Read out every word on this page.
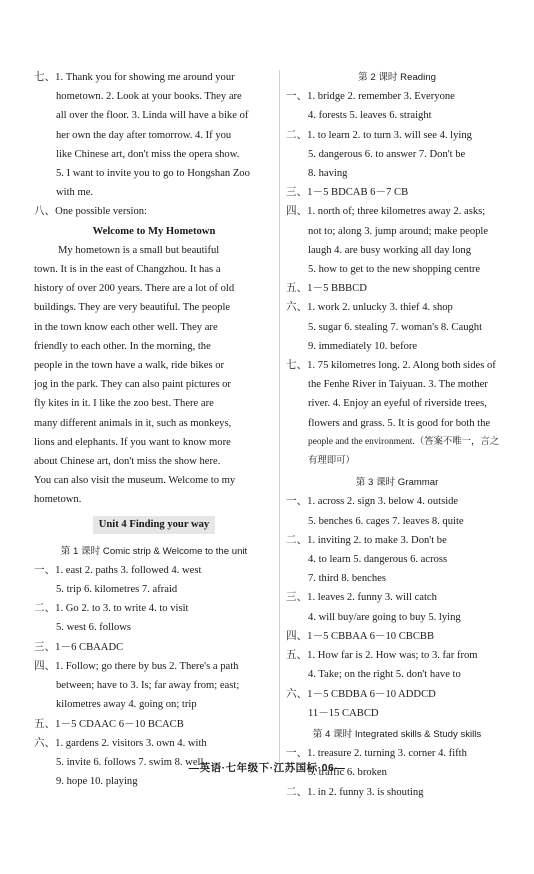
七、1. Thank you for showing me around your
hometown. 2. Look at your books. They are
all over the floor. 3. Linda will have a bike of
her own the day after tomorrow. 4. If you
like Chinese art, don't miss the opera show.
5. I want to invite you to go to Hongshan Zoo
with me.
八、One possible version:
Welcome to My Hometown
My hometown is a small but beautiful
town. It is in the east of Changzhou. It has a
history of over 200 years. There are a lot of old
buildings. They are very beautiful. The people
in the town know each other well. They are
friendly to each other. In the morning, the
people in the town have a walk, ride bikes or
jog in the park. They can also paint pictures or
fly kites in it. I like the zoo best. There are
many different animals in it, such as monkeys,
lions and elephants. If you want to know more
about Chinese art, don't miss the show here.
You can also visit the museum. Welcome to my
hometown.
Unit 4 Finding your way
第 1 课时 Comic strip & Welcome to the unit
一、1. east 2. paths 3. followed 4. west
5. trip 6. kilometres 7. afraid
二、1. Go 2. to 3. to write 4. to visit
5. west 6. follows
三、1－6 CBAADC
四、1. Follow; go there by bus 2. There's a path
between; have to 3. Is; far away from; east;
kilometres away 4. going on; trip
五、1－5 CDAAC 6－10 BCACB
六、1. gardens 2. visitors 3. own 4. with
5. invite 6. follows 7. swim 8. well
9. hope 10. playing
第 2 课时 Reading
一、1. bridge 2. remember 3. Everyone
4. forests 5. leaves 6. straight
二、1. to learn 2. to turn 3. will see 4. lying
5. dangerous 6. to answer 7. Don't be
8. having
三、1－5 BDCAB 6－7 CB
四、1. north of; three kilometres away 2. asks;
not to; along 3. jump around; make people
laugh 4. are busy working all day long
5. how to get to the new shopping centre
五、1－5 BBBCD
六、1. work 2. unlucky 3. thief 4. shop
5. sugar 6. stealing 7. woman's 8. Caught
9. immediately 10. before
七、1. 75 kilometres long. 2. Along both sides of
the Fenhe River in Taiyuan. 3. The mother
river. 4. Enjoy an eyeful of riverside trees,
flowers and grass. 5. It is good for both the
people and the environment.（答案不唯一，言之
有理即可）
第 3 课时 Grammar
一、1. across 2. sign 3. below 4. outside
5. benches 6. cages 7. leaves 8. quite
二、1. inviting 2. to make 3. Don't be
4. to learn 5. dangerous 6. across
7. third 8. benches
三、1. leaves 2. funny 3. will catch
4. will buy/are going to buy 5. lying
四、1－5 CBBAA 6－10 CBCBB
五、1. How far is 2. How was; to 3. far from
4. Take; on the right 5. don't have to
六、1－5 CBDBA 6－10 ADDCD
11－15 CABCD
第 4 课时 Integrated skills & Study skills
一、1. treasure 2. turning 3. corner 4. fifth
5. traffic 6. broken
二、1. in 2. funny 3. is shouting
—英语·七年级下·江苏国标·06—
